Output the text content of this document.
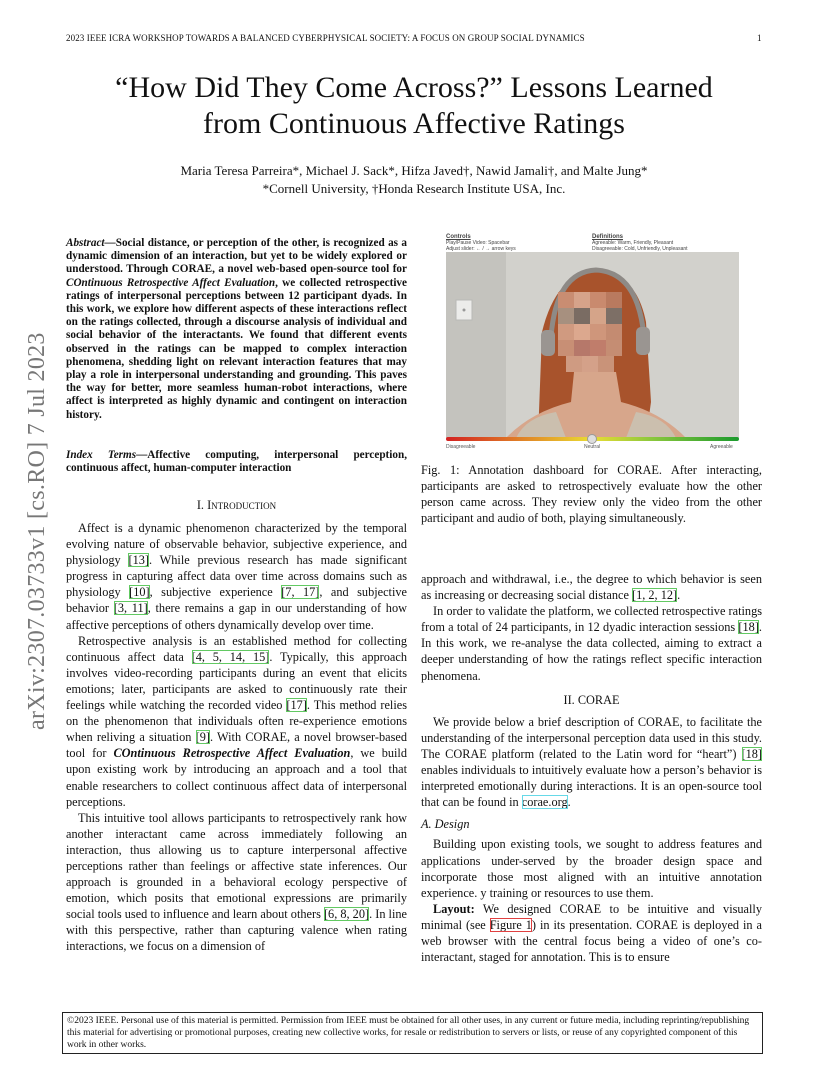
2023 IEEE ICRA WORKSHOP TOWARDS A BALANCED CYBERPHYSICAL SOCIETY: A FOCUS ON GROUP SOCIAL DYNAMICS	1
arXiv:2307.03733v1 [cs.RO] 7 Jul 2023
“How Did They Come Across?” Lessons Learned
from Continuous Affective Ratings
Maria Teresa Parreira*, Michael J. Sack*, Hifza Javed†, Nawid Jamali†, and Malte Jung*
*Cornell University, †Honda Research Institute USA, Inc.
Abstract—Social distance, or perception of the other, is recognized as a dynamic dimension of an interaction, but yet to be widely explored or understood. Through CORAE, a novel web-based open-source tool for COntinuous Retrospective Affect Evaluation, we collected retrospective ratings of interpersonal perceptions between 12 participant dyads. In this work, we explore how different aspects of these interactions reflect on the ratings collected, through a discourse analysis of individual and social behavior of the interactants. We found that different events observed in the ratings can be mapped to complex interaction phenomena, shedding light on relevant interaction features that may play a role in interpersonal understanding and grounding. This paves the way for better, more seamless human-robot interactions, where affect is interpreted as highly dynamic and contingent on interaction history.
Index Terms—Affective computing, interpersonal perception, continuous affect, human-computer interaction
I. Introduction

Affect is a dynamic phenomenon characterized by the temporal evolving nature of observable behavior, subjective experience, and physiology [13]. While previous research has made significant progress in capturing affect data over time across domains such as physiology [10], subjective experience [7, 17], and subjective behavior [3, 11], there remains a gap in our understanding of how affective perceptions of others dynamically develop over time.

Retrospective analysis is an established method for collecting continuous affect data [4, 5, 14, 15]. Typically, this approach involves video-recording participants during an event that elicits emotions; later, participants are asked to continuously rate their feelings while watching the recorded video [17]. This method relies on the phenomenon that individuals often re-experience emotions when reliving a situation [9]. With CORAE, a novel browser-based tool for COntinuous Retrospective Affect Evaluation, we build upon existing work by introducing an approach and a tool that enable researchers to collect continuous affect data of interpersonal perceptions.

This intuitive tool allows participants to retrospectively rank how another interactant came across immediately following an interaction, thus allowing us to capture interpersonal affective perceptions rather than feelings or affective state inferences. Our approach is grounded in a behavioral ecology perspective of emotion, which posits that emotional expressions are primarily social tools used to influence and learn about others [6, 8, 20]. In line with this perspective, rather than capturing valence when rating interactions, we focus on a dimension of

Controls
Play/Pause Video: Spacebar
Adjust slider: ← / → arrow keys
Definitions
Agreeable: Warm, Friendly, Pleasant
Disagreeable: Cold, Unfriendly, Unpleasant
Disagreeable	Neutral	Agreeable
Fig. 1: Annotation dashboard for CORAE. After interacting, participants are asked to retrospectively evaluate how the other person came across. They review only the video from the other participant and audio of both, playing simultaneously.

approach and withdrawal, i.e., the degree to which behavior is seen as increasing or decreasing social distance [1, 2, 12].

In order to validate the platform, we collected retrospective ratings from a total of 24 participants, in 12 dyadic interaction sessions [18]. In this work, we re-analyse the data collected, aiming to extract a deeper understanding of how the ratings reflect specific interaction phenomena.

II. CORAE

We provide below a brief description of CORAE, to facilitate the understanding of the interpersonal perception data used in this study. The CORAE platform (related to the Latin word for “heart”) [18] enables individuals to intuitively evaluate how a person’s behavior is interpreted emotionally during interactions. It is an open-source tool that can be found in corae.org.

A. Design

Building upon existing tools, we sought to address features and applications under-served by the broader design space and incorporate those most aligned with an intuitive annotation experience. y training or resources to use them.

Layout: We designed CORAE to be intuitive and visually minimal (see Figure 1) in its presentation. CORAE is deployed in a web browser with the central focus being a video of one’s co-interactant, staged for annotation. This is to ensure

©2023 IEEE. Personal use of this material is permitted. Permission from IEEE must be obtained for all other uses, in any current or future media, including reprinting/republishing this material for advertising or promotional purposes, creating new collective works, for resale or redistribution to servers or lists, or reuse of any copyrighted component of this work in other works.
